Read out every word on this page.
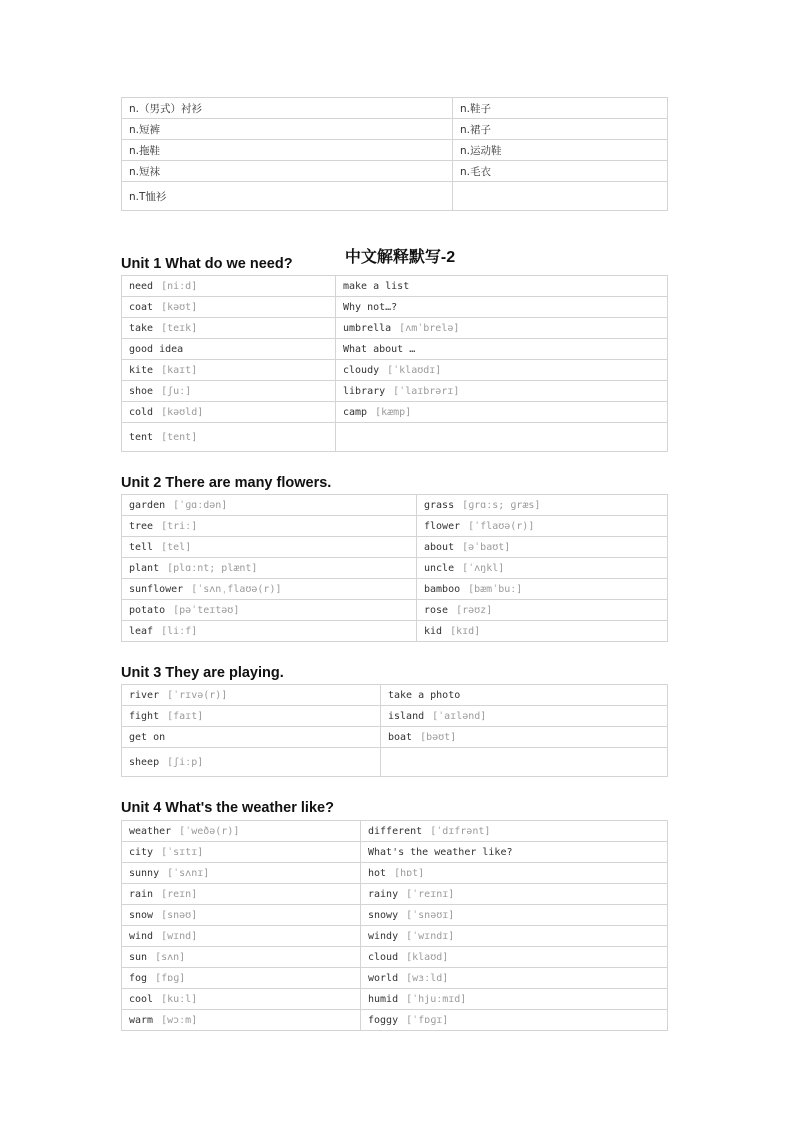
n.（男式）衬衫	n.鞋子
n.短裤	n.裙子
n.拖鞋	n.运动鞋
n.短袜	n.毛衣
n.T恤衫	
中文解释默写-2
Unit 1 What do we need?
need [niːd]	make a list
coat [kəʊt]	Why not…?
take [teɪk]	umbrella [ʌmˈbrelə]
good idea	What about …
kite [kaɪt]	cloudy [ˈklaʊdɪ]
shoe [ʃuː]	library [ˈlaɪbrərɪ]
cold [kəʊld]	camp [kæmp]
tent [tent]	
Unit 2 There are many flowers.
garden [ˈɡɑːdən]	grass [ɡrɑːs; ɡræs]
tree [triː]	flower [ˈflaʊə(r)]
tell [tel]	about [əˈbaʊt]
plant [plɑːnt; plænt]	uncle [ˈʌŋkl]
sunflower [ˈsʌnˌflaʊə(r)]	bamboo [bæmˈbuː]
potato [pəˈteɪtəʊ]	rose [rəʊz]
leaf [liːf]	kid [kɪd]
Unit 3 They are playing.
river [ˈrɪvə(r)]	take a photo
fight [faɪt]	island [ˈaɪlənd]
get on	boat [bəʊt]
sheep [ʃiːp]	
Unit 4 What's the weather like?
weather [ˈweðə(r)]	different [ˈdɪfrənt]
city [ˈsɪtɪ]	What's the weather like?
sunny [ˈsʌnɪ]	hot [hɒt]
rain [reɪn]	rainy [ˈreɪnɪ]
snow [snəʊ]	snowy [ˈsnəʊɪ]
wind [wɪnd]	windy [ˈwɪndɪ]
sun [sʌn]	cloud [klaʊd]
fog [fɒɡ]	world [wɜːld]
cool [kuːl]	humid [ˈhjuːmɪd]
warm [wɔːm]	foggy [ˈfɒɡɪ]
